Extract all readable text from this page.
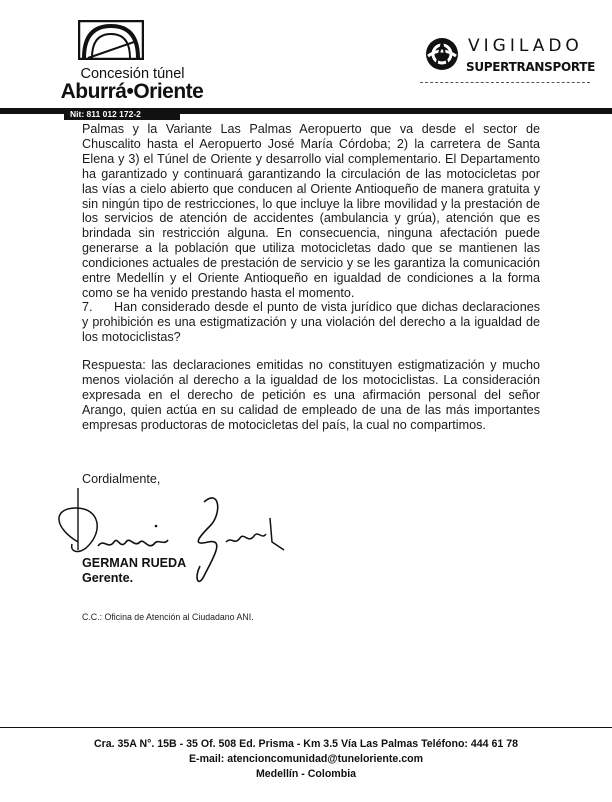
Concesión túnel
Aburrá•Oriente
Nit: 811 012 172-2
VIGILADO
SUPERTRANSPORTE

Palmas y la Variante Las Palmas Aeropuerto que va desde el sector de Chuscalito hasta el Aeropuerto José María Córdoba; 2) la carretera de Santa Elena y 3) el Túnel de Oriente y desarrollo vial complementario. El Departamento ha garantizado y continuará garantizando la circulación de las motocicletas por las vías a cielo abierto que conducen al Oriente Antioqueño de manera gratuita y sin ningún tipo de restricciones, lo que incluye la libre movilidad y la prestación de los servicios de atención de accidentes (ambulancia y grúa), atención que es brindada sin restricción alguna. En consecuencia, ninguna afectación puede generarse a la población que utiliza motocicletas dado que se mantienen las condiciones actuales de prestación de servicio y se les garantiza la comunicación entre Medellín y el Oriente Antioqueño en igualdad de condiciones a la forma como se ha venido prestando hasta el momento.

7. Han considerado desde el punto de vista jurídico que dichas declaraciones y prohibición es una estigmatización y una violación del derecho a la igualdad de los motociclistas?

Respuesta: las declaraciones emitidas no constituyen estigmatización y mucho menos violación al derecho a la igualdad de los motociclistas. La consideración expresada en el derecho de petición es una afirmación personal del señor Arango, quien actúa en su calidad de empleado de una de las más importantes empresas productoras de motocicletas del país, la cual no compartimos.

Cordialmente,

GERMAN RUEDA

Gerente.

C.C.: Oficina de Atención al Ciudadano ANI.

Cra. 35A N°. 15B - 35 Of. 508 Ed. Prisma - Km 3.5 Vía Las Palmas Teléfono: 444 61 78
E-mail: atencioncomunidad@tuneloriente.com
Medellín - Colombia
